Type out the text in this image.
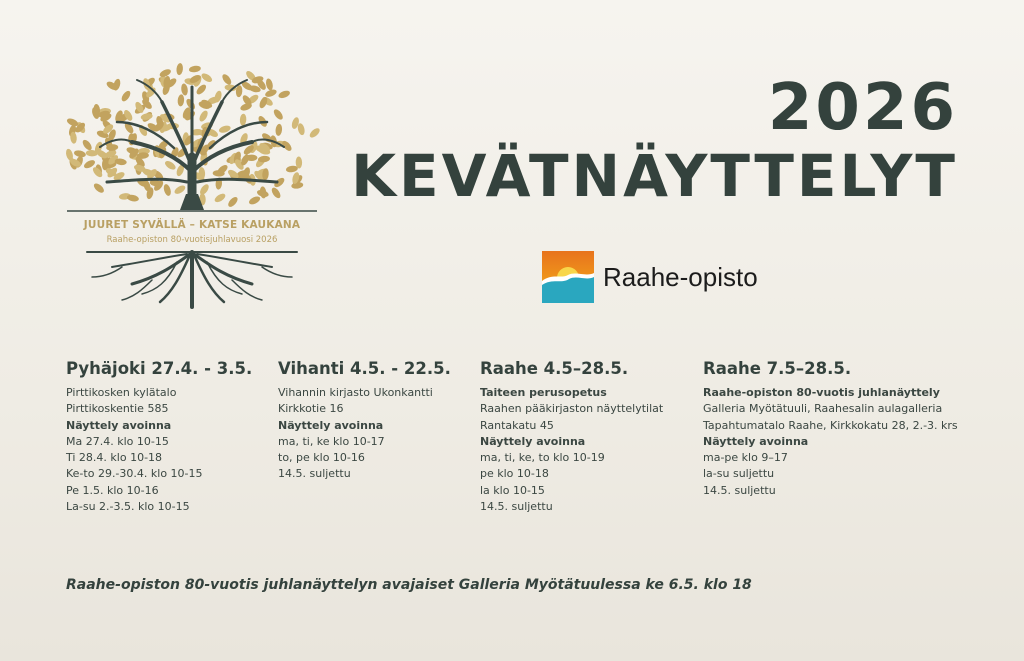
JUURET SYVÄLLÄ – KATSE KAUKANA
Raahe-opiston 80-vuotisjuhlavuosi 2026
2026
KEVÄTNÄYTTELYT
Raahe-opisto
Pyhäjoki 27.4. - 3.5.
Pirttikosken kylätalo
Pirttikoskentie 585
Näyttely avoinna
Ma 27.4. klo 10-15
Ti 28.4. klo 10-18
Ke-to 29.-30.4. klo 10-15
Pe 1.5. klo 10-16
La-su 2.-3.5. klo 10-15
Vihanti 4.5. - 22.5.
Vihannin kirjasto Ukonkantti
Kirkkotie 16
Näyttely avoinna
ma, ti, ke klo 10-17
to, pe klo 10-16
14.5. suljettu
Raahe 4.5–28.5.
Taiteen perusopetus
Raahen pääkirjaston näyttelytilat
Rantakatu 45
Näyttely avoinna
ma, ti, ke, to klo 10-19
pe klo 10-18
la klo 10-15
14.5. suljettu
Raahe 7.5–28.5.
Raahe-opiston 80-vuotis juhlanäyttely
Galleria Myötätuuli, Raahesalin aulagalleria
Tapahtumatalo Raahe, Kirkkokatu 28, 2.-3. krs
Näyttely avoinna
ma-pe klo 9–17
la-su suljettu
14.5. suljettu
Raahe-opiston 80-vuotis juhlanäyttelyn avajaiset Galleria Myötätuulessa ke 6.5. klo 18
